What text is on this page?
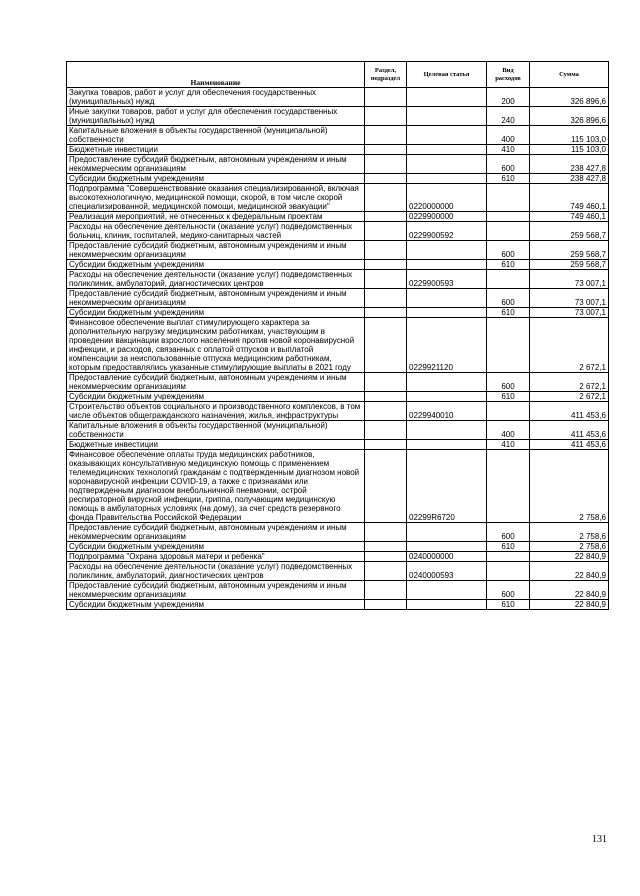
Наименование	Раздел, подраздел	Целевая статья	Вид расходов	Сумма
Закупка товаров, работ и услуг для обеспечения государственных (муниципальных) нужд			200	326 896,6
Иные закупки товаров, работ и услуг для обеспечения государственных (муниципальных) нужд			240	326 896,6
Капитальные вложения в объекты государственной (муниципальной) собственности			400	115 103,0
Бюджетные инвестиции			410	115 103,0
Предоставление субсидий бюджетным, автономным учреждениям и иным некоммерческим организациям			600	238 427,8
Субсидии бюджетным учреждениям			610	238 427,8
Подпрограмма "Совершенствование оказания специализированной, включая высокотехнологичную, медицинской помощи, скорой, в том числе скорой специализированной, медицинской помощи, медицинской эвакуации"		0220000000		749 460,1
Реализация мероприятий, не отнесенных к федеральным проектам		0229900000		749 460,1
Расходы на обеспечение деятельности (оказание услуг) подведомственных больниц, клиник, госпиталей, медико-санитарных частей		0229900592		259 568,7
Предоставление субсидий бюджетным, автономным учреждениям и иным некоммерческим организациям			600	259 568,7
Субсидии бюджетным учреждениям			610	259 568,7
Расходы на обеспечение деятельности (оказание услуг) подведомственных поликлиник, амбулаторий, диагностических центров		0229900593		73 007,1
Предоставление субсидий бюджетным, автономным учреждениям и иным некоммерческим организациям			600	73 007,1
Субсидии бюджетным учреждениям			610	73 007,1
Финансовое обеспечение выплат стимулирующего характера за дополнительную нагрузку медицинским работникам, участвующим в проведении вакцинации взрослого населения против новой коронавирусной инфекции, и расходов, связанных с оплатой отпусков и выплатой компенсации за неиспользованные отпуска медицинским работникам, которым предоставлялись указанные стимулирующие выплаты в 2021 году		0229921120		2 672,1
Предоставление субсидий бюджетным, автономным учреждениям и иным некоммерческим организациям			600	2 672,1
Субсидии бюджетным учреждениям			610	2 672,1
Строительство объектов социального и производственного комплексов, в том числе объектов общегражданского назначения, жилья, инфраструктуры		0229940010		411 453,6
Капитальные вложения в объекты государственной (муниципальной) собственности			400	411 453,6
Бюджетные инвестиции			410	411 453,6
Финансовое обеспечение оплаты труда медицинских работников, оказывающих консультативную медицинскую помощь с применением телемедицинских технологий гражданам с подтвержденным диагнозом новой коронавирусной инфекции COVID-19, а также с признаками или подтвержденным диагнозом внебольничной пневмонии, острой респираторной вирусной инфекции, гриппа, получающим медицинскую помощь в амбулаторных условиях (на дому), за счет средств резервного фонда Правительства Российской Федерации		02299R6720		2 758,6
Предоставление субсидий бюджетным, автономным учреждениям и иным некоммерческим организациям			600	2 758,6
Субсидии бюджетным учреждениям			610	2 758,6
Подпрограмма "Охрана здоровья матери и ребенка"		0240000000		22 840,9
Расходы на обеспечение деятельности (оказание услуг) подведомственных поликлиник, амбулаторий, диагностических центров		0240000593		22 840,9
Предоставление субсидий бюджетным, автономным учреждениям и иным некоммерческим организациям			600	22 840,9
Субсидии бюджетным учреждениям			610	22 840,9
131
